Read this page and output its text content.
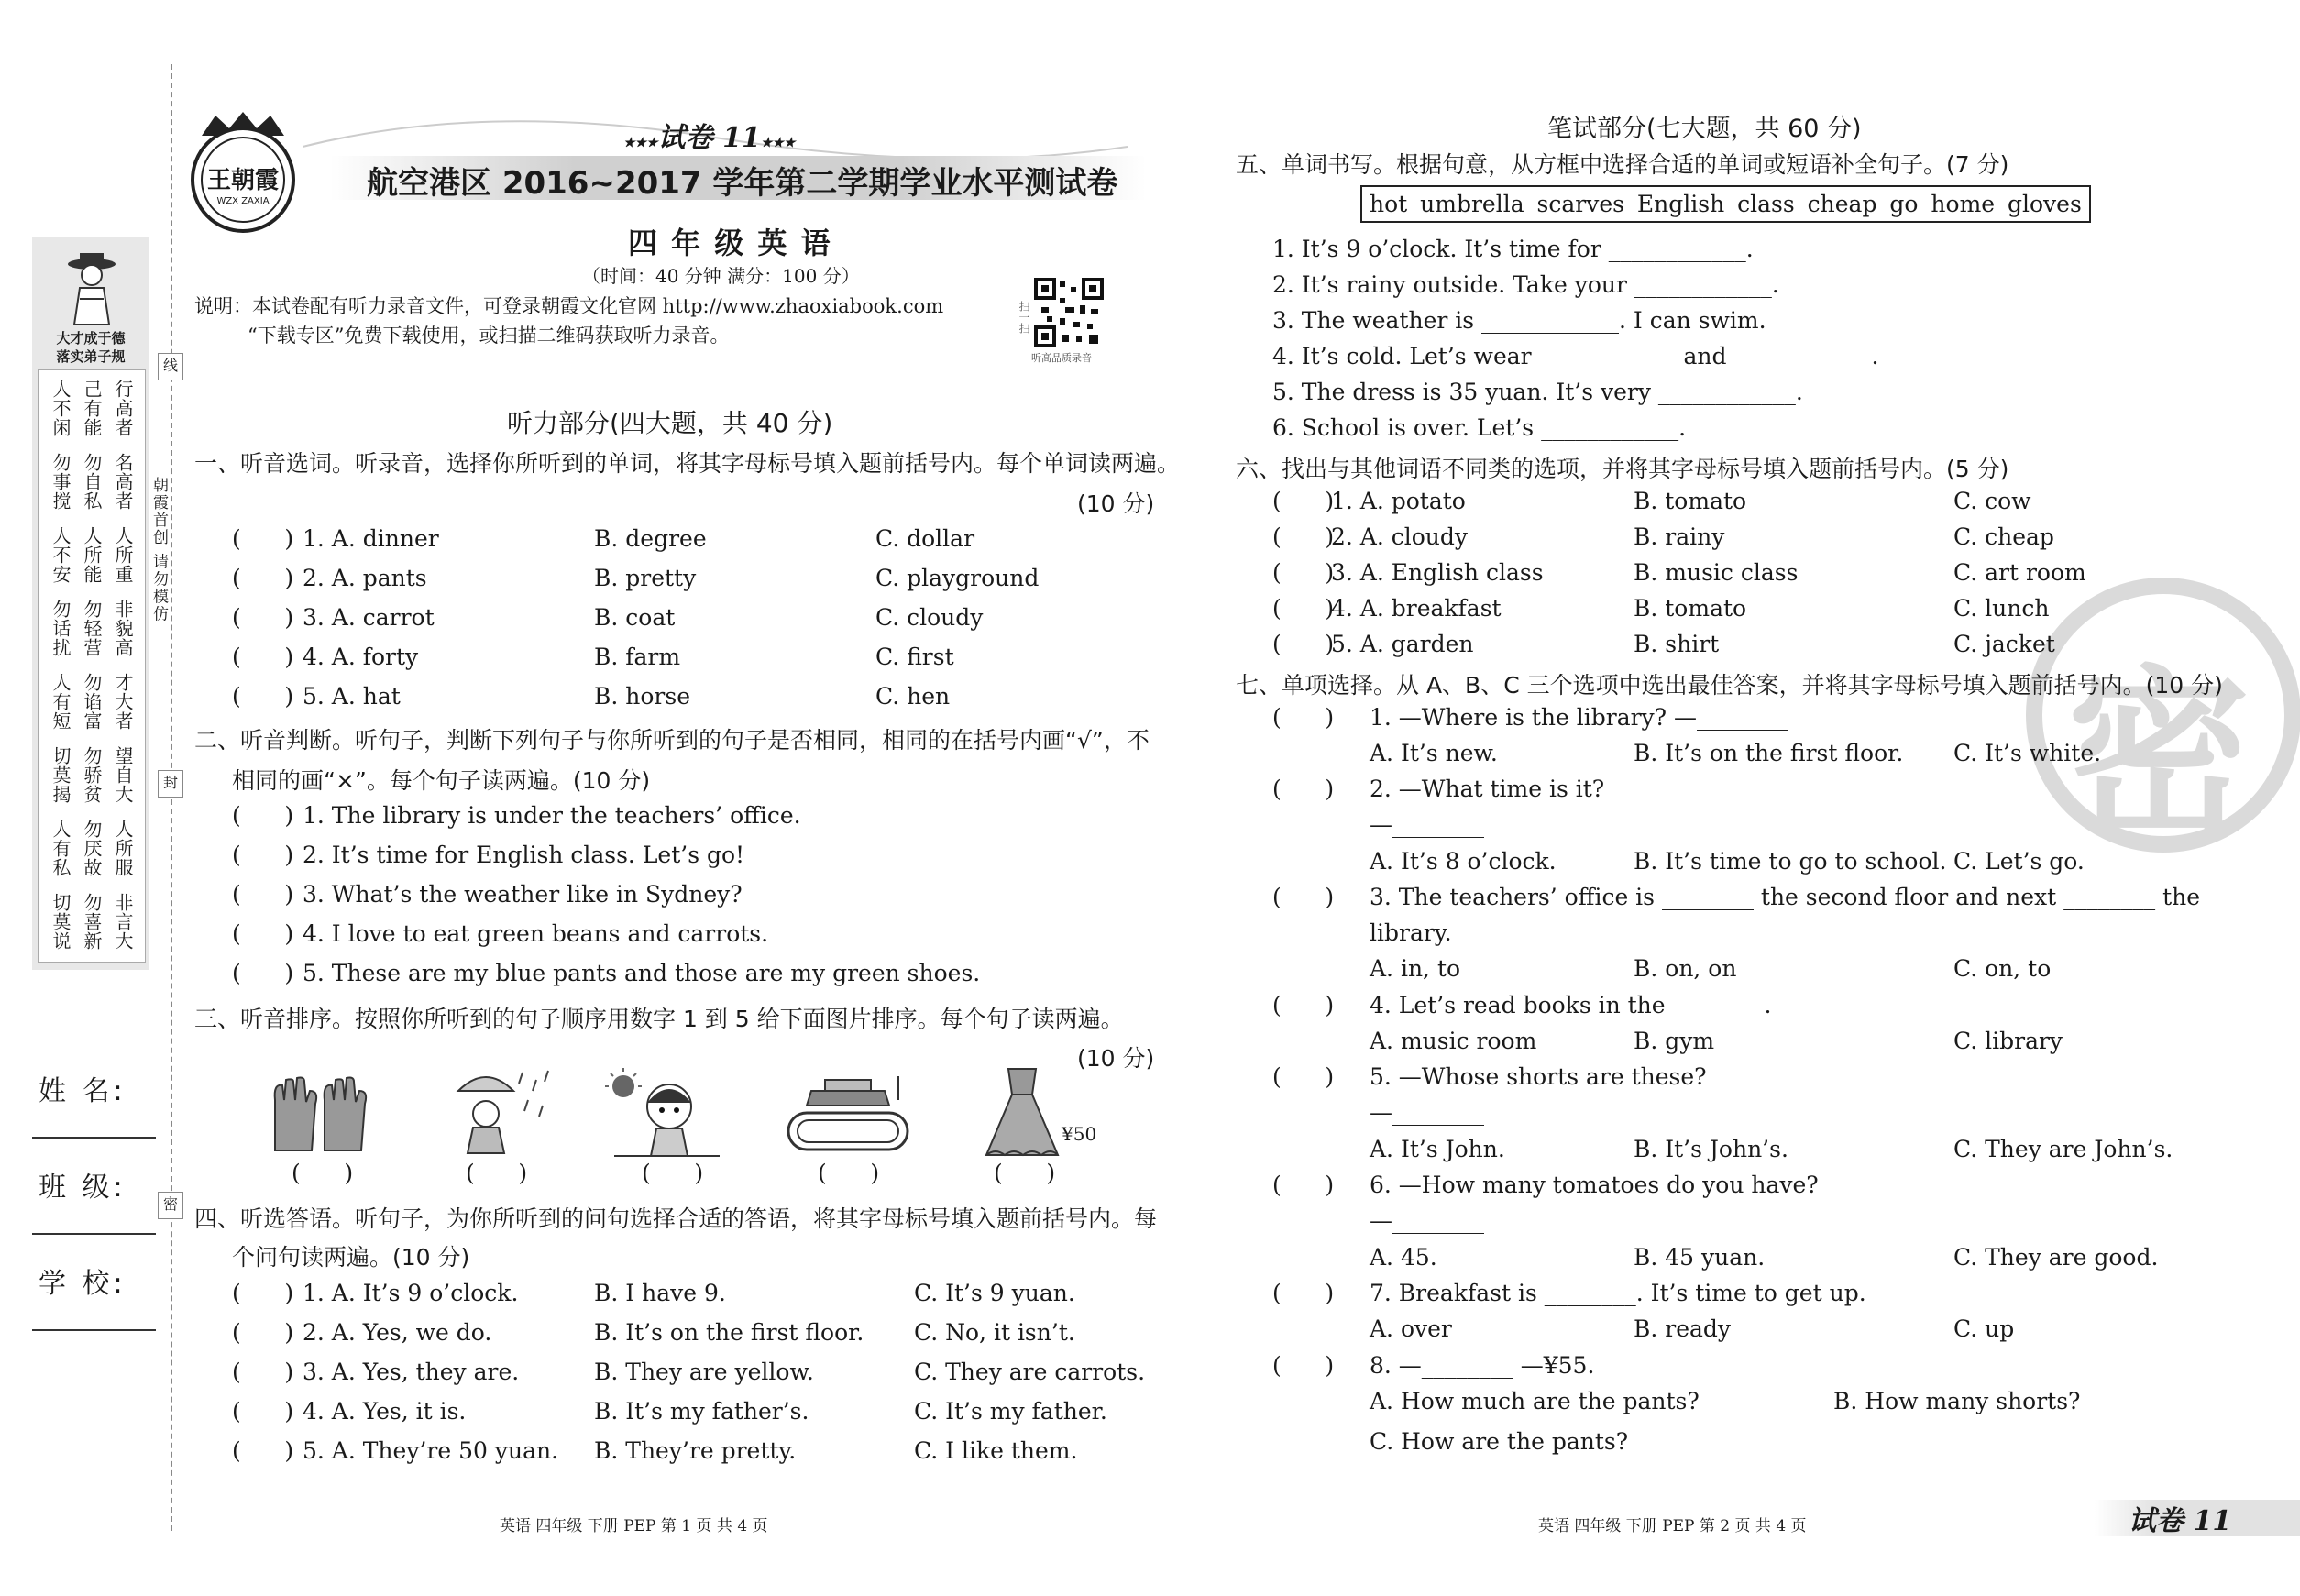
线
封
密
朝霞首创 请勿模仿
大才成于德
落实弟子规
人不闲 己有能 行高者
勿事搅 勿自私 名高者
人不安 人所能 人所重
勿话扰 勿轻营 非貌高
人有短 勿谄富 才大者
切莫揭 勿骄贫 望自大
人有私 勿厌故 人所服
切莫说 勿喜新 非言大
姓 名:
班 级:
学 校:
王朝霞
WZX ZAXIA
★★★试卷 11★★★
航空港区 2016~2017 学年第二学期学业水平测试卷
四 年 级 英 语
（时间：40 分钟 满分：100 分）
说明：本试卷配有听力录音文件，可登录朝霞文化官网 http://www.zhaoxiabook.com
“下载专区”免费下载使用，或扫描二维码获取听力录音。
扫一扫
听高品质录音
听力部分(四大题，共 40 分)
一、听音选词。听录音，选择你所听到的单词，将其字母标号填入题前括号内。每个单词读两遍。
(10 分)
二、听音判断。听句子，判断下列句子与你所听到的句子是否相同，相同的在括号内画“√”，不
相同的画“×”。每个句子读两遍。(10 分)
三、听音排序。按照你所听到的句子顺序用数字 1 到 5 给下面图片排序。每个句子读两遍。
(10 分)
¥50
四、听选答语。听句子，为你所听到的问句选择合适的答语，将其字母标号填入题前括号内。每
个问句读两遍。(10 分)
英语 四年级 下册 PEP 第 1 页 共 4 页
笔试部分(七大题，共 60 分)
密
五、单词书写。根据句意，从方框中选择合适的单词或短语补全句子。(7 分)
hot umbrella scarves English class cheap go home gloves
六、找出与其他词语不同类的选项，并将其字母标号填入题前括号内。(5 分)
七、单项选择。从 A、B、C 三个选项中选出最佳答案，并将其字母标号填入题前括号内。(10 分)
英语 四年级 下册 PEP 第 2 页 共 4 页	试卷 11
(      ) 1. A. dinner	B. degree	C. dollar
(      ) 2. A. pants	B. pretty	C. playground
(      ) 3. A. carrot	B. coat	C. cloudy
(      ) 4. A. forty	B. farm	C. first
(      ) 5. A. hat	B. horse	C. hen
(      ) 1. The library is under the teachers’ office.
(      ) 2. It’s time for English class. Let’s go!
(      ) 3. What’s the weather like in Sydney?
(      ) 4. I love to eat green beans and carrots.
(      ) 5. These are my blue pants and those are my green shoes.
(      )	(      )	(      )	(      )	(      )
(      ) 1. A. It’s 9 o’clock.	B. I have 9.	C. It’s 9 yuan.
(      ) 2. A. Yes, we do.	B. It’s on the first floor. C. No, it isn’t.
(      ) 3. A. Yes, they are.	B. They are yellow.	C. They are carrots.
(      ) 4. A. Yes, it is.	B. It’s my father’s.	C. It’s my father.
(      ) 5. A. They’re 50 yuan. B. They’re pretty.	C. I like them.
1. It’s 9 o’clock. It’s time for ____________.
2. It’s rainy outside. Take your ____________.
3. The weather is ____________. I can swim.
4. It’s cold. Let’s wear ____________ and ____________.
5. The dress is 35 yuan. It’s very ____________.
6. School is over. Let’s ____________.
(      )
1. A. potato	B. tomato	C. cow
(      )
2. A. cloudy	B. rainy	C. cheap
(      )
3. A. English class	B. music class	C. art room
(      )
4. A. breakfast	B. tomato	C. lunch
(      )
5. A. garden	B. shirt	C. jacket
(      ) 1. —Where is the library? —________
A. It’s new.	B. It’s on the first floor. C. It’s white.
(      ) 2. —What time is it?
—________
A. It’s 8 o’clock.	B. It’s time to go to school. C. Let’s go.
(      ) 3. The teachers’ office is ________ the second floor and next ________ the
library.
A. in, to	B. on, on	C. on, to
(      ) 4. Let’s read books in the ________.
A. music room	B. gym	C. library
(      ) 5. —Whose shorts are these?
—________
A. It’s John.	B. It’s John’s.	C. They are John’s.
(      ) 6. —How many tomatoes do you have?
—________
A. 45.	B. 45 yuan.	C. They are good.
(      ) 7. Breakfast is ________. It’s time to get up.
A. over	B. ready	C. up
(      ) 8. —________ —¥55.
A. How much are the pants?	B. How many shorts?
C. How are the pants?
